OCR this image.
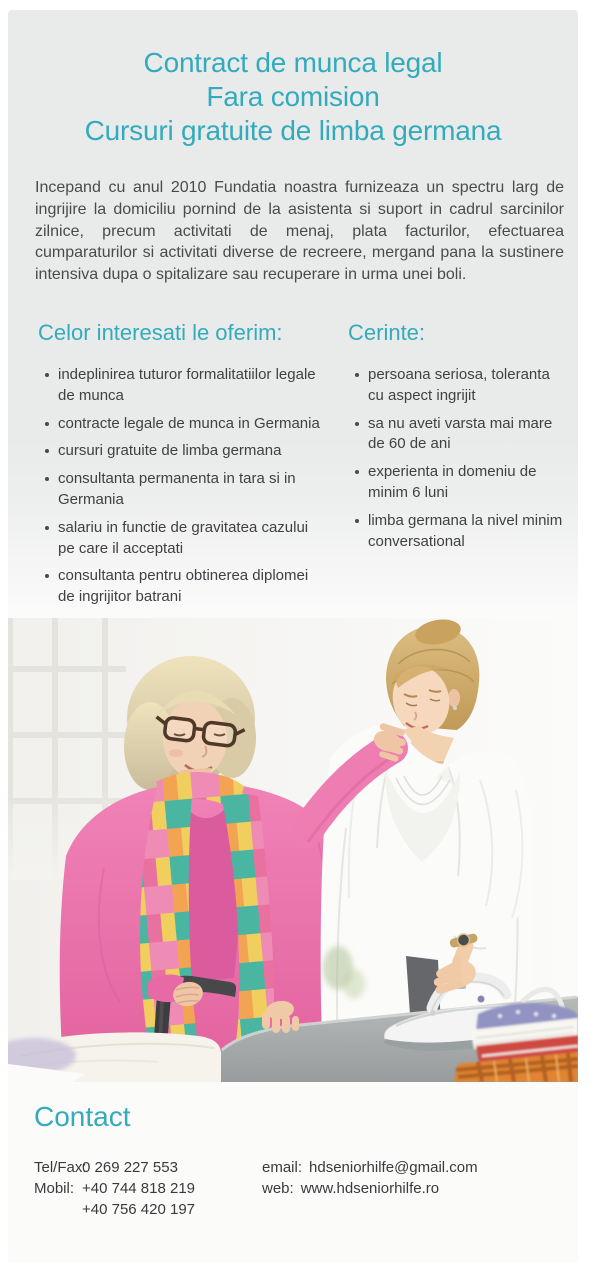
Contract de munca legal
Fara comision
Cursuri gratuite de limba germana

Incepand cu anul 2010 Fundatia noastra furnizeaza un spectru larg de ingrijire la domiciliu pornind de la asistenta si suport in cadrul sarcinilor zilnice, precum activitati de menaj, plata facturilor, efectuarea cumparaturilor si activitati diverse de recreere, mergand pana la sustinere intensiva dupa o spitalizare sau recuperare in urma unei boli.

Celor interesati le oferim:
indeplinirea tuturor formalitatiilor legale de munca
contracte legale de munca in Germania
cursuri gratuite de limba germana
consultanta permanenta in tara si in Germania
salariu in functie de gravitatea cazului pe care il acceptati
consultanta pentru obtinerea diplomei de ingrijitor batrani
Cerinte:
persoana seriosa, toleranta cu aspect ingrijit
sa nu aveti varsta mai mare de 60 de ani
experienta in domeniu de minim 6 luni
limba germana la nivel minim conversational
Contact
Tel/Fax:
0 269 227 553
Mobil: +40 744 818 219
+40 756 420 197
email: hdseniorhilfe@gmail.com
web: www.hdseniorhilfe.ro
